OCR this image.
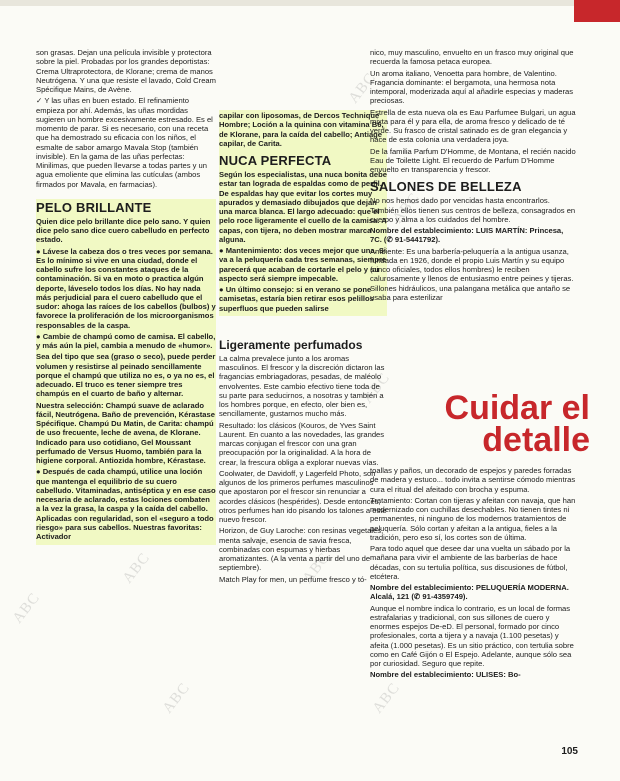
ABC
ABC
ABC
ABC
ABC
ABC
ABC
ABC

son grasas. Dejan una película invisible y protectora sobre la piel. Probadas por los grandes deportistas: Crema Ultraprotectora, de Klorane; crema de manos Neutrógena. Y una que resiste el lavado, Cold Cream Spécifique Mains, de Avène.

✓ Y las uñas en buen estado. El refinamiento empieza por ahí. Además, las uñas mordidas sugieren un hombre excesivamente estresado. Es el momento de parar. Si es necesario, con una receta que ha demostrado su eficacia con los niños, el esmalte de sabor amargo Mavala Stop (también invisible). En la gama de las uñas perfectas: Minilimas, que pueden llevarse a todas partes y un agua emoliente que elimina las cutículas (ambos firmados por Mavala, en farmacias).

PELO BRILLANTE

Quien dice pelo brillante dice pelo sano. Y quien dice pelo sano dice cuero cabelludo en perfecto estado.

● Lávese la cabeza dos o tres veces por semana. Es lo mínimo si vive en una ciudad, donde el cabello sufre los constantes ataques de la contaminación. Si va en moto o practica algún deporte, láveselo todos los días. No hay nada más perjudicial para el cuero cabelludo que el sudor: ahoga las raíces de los cabellos (bulbos) y favorece la proliferación de los microorganismos responsables de la caspa.

● Cambie de champú como de camisa. El cabello, y más aún la piel, cambia a menudo de «humor».

Sea del tipo que sea (graso o seco), puede perder volumen y resistirse al peinado sencillamente porque el champú que utiliza no es, o ya no es, el adecuado. El truco es tener siempre tres champús en el cuarto de baño y alternar.

Nuestra selección: Champú suave de aclarado fácil, Neutrógena. Baño de prevención, Kérastase Spécifique. Champú Du Matin, de Carita: champú de uso frecuente, leche de avena, de Klorane. Indicado para uso cotidiano, Gel Moussant perfumado de Versus Huomo, también para la higiene corporal. Antiozida hombre, Kérastase.

● Después de cada champú, utilice una loción que mantenga el equilibrio de su cuero cabelludo. Vitaminadas, antiséptica y en ese caso necesaria de aclarado, estas lociones combaten a la vez la grasa, la caspa y la caída del cabello. Aplicadas con regularidad, son el «seguro a todo riesgo» para sus cabellos. Nuestras favoritas: Activador

capilar con liposomas, de Dercos Technique Hombre; Loción a la quinina con vitamina B6, de Klorane, para la caída del cabello; Antiage capilar, de Carita.

NUCA PERFECTA

Según los especialistas, una nuca bonita debe estar tan lograda de espaldas como de perfil. De espaldas hay que evitar los cortes muy apurados y demasiado dibujados que dejan una marca blanca. El largo adecuado: que el pelo roce ligeramente el cuello de la camisa. A capas, con tijera, no deben mostrar marca alguna.

● Mantenimiento: dos veces mejor que una. Si va a la peluquería cada tres semanas, siempre parecerá que acaban de cortarle el pelo y su aspecto será siempre impecable.

● Un último consejo: si en verano se pone camisetas, estaría bien retirar esos pelillos superfluos que pueden salirse

Ligeramente perfumados

La calma prevalece junto a los aromas masculinos. El frescor y la discreción dictaron las fragancias embriagadoras, pesadas, de maléolo envolventes. Este cambio efectivo tiene toda de su parte para seducirnos, a nosotras y también a los hombres porque, en efecto, oler bien es, sencillamente, gustarnos mucho más.

Resultado: los clásicos (Kouros, de Yves Saint Laurent. En cuanto a las novedades, las grandes marcas conjugan el frescor con una gran preocupación por la originalidad. A la hora de crear, la frescura obliga a explorar nuevas vías.

Coolwater, de Davidoff, y Lagerfeld Photo, son algunos de los primeros perfumes masculinos que apostaron por el frescor sin renunciar a acordes clásicos (hespérides). Desde entonces, otros perfumes han ido pisando los talones a este nuevo frescor.

Horizon, de Guy Laroche: con resinas vegetales, menta salvaje, esencia de savia fresca, combinadas con espumas y hierbas aromatizantes. (A la venta a partir del uno de septiembre).

Match Play for men, un perfume fresco y tó-

nico, muy masculino, envuelto en un frasco muy original que recuerda la famosa petaca europea.

Un aroma italiano, Venoetta para hombre, de Valentino. Fragancia dominante: el bergamota, una hermosa nota intemporal, moderizada aquí al añadirle especias y maderas preciosas.

Estrella de esta nueva ola es Eau Parfumee Bulgari, un agua mixta para él y para ella, de aroma fresco y delicado de té verde. Su frasco de cristal satinado es de gran elegancia y hace de esta colonia una verdadera joya.

De la familia Parfum D'Homme, de Montana, el recién nacido Eau de Toilette Light. El recuerdo de Parfum D'Homme envuelto en transparencia y frescor.

SALONES DE BELLEZA

No nos hemos dado por vencidas hasta encontrarlos. También ellos tienen sus centros de belleza, consagrados en cuerpo y alma a los cuidados del hombre.

Nombre del establecimiento: LUIS MARTÍN: Princesa, 7C. (✆ 91-5441792).

Ambiente: Es una barbería-peluquería a la antigua usanza, fundada en 1926, donde el propio Luis Martín y su equipo (cinco oficiales, todos ellos hombres) le reciben calurosamente y llenos de entusiasmo entre peines y tijeras. Sillones hidráulicos, una palangana metálica que antaño se usaba para esterilizar

Cuidar el
detalle

toallas y paños, un decorado de espejos y paredes forradas de madera y estuco... todo invita a sentirse cómodo mientras cura el ritual del afeitado con brocha y espuma.

Tratamiento: Cortan con tijeras y afeitan con navaja, que han modernizado con cuchillas desechables. No tienen tintes ni permanentes, ni ninguno de los modernos tratamientos de peluquería. Sólo cortan y afeitan a la antigua, fieles a la tradición, pero eso sí, los cortes son de última.

Para todo aquel que desee dar una vuelta un sábado por la mañana para vivir el ambiente de las barberías de hace décadas, con su tertulia política, sus discusiones de fútbol, etcétera.

Nombre del establecimiento: PELUQUERÍA MODERNA. Alcalá, 121 (✆ 91-4359749).

Aunque el nombre indica lo contrario, es un local de formas estrafalarias y tradicional, con sus sillones de cuero y enormes espejos De-eD. El personal, formado por cinco profesionales, corta a tijera y a navaja (1.100 pesetas) y afeita (1.000 pesetas). Es un sitio práctico, con tertulia sobre como en Café Gijón o El Espejo. Adelante, aunque sólo sea por curiosidad. Seguro que repite.

Nombre del establecimiento: ULISES: Bo-

105
